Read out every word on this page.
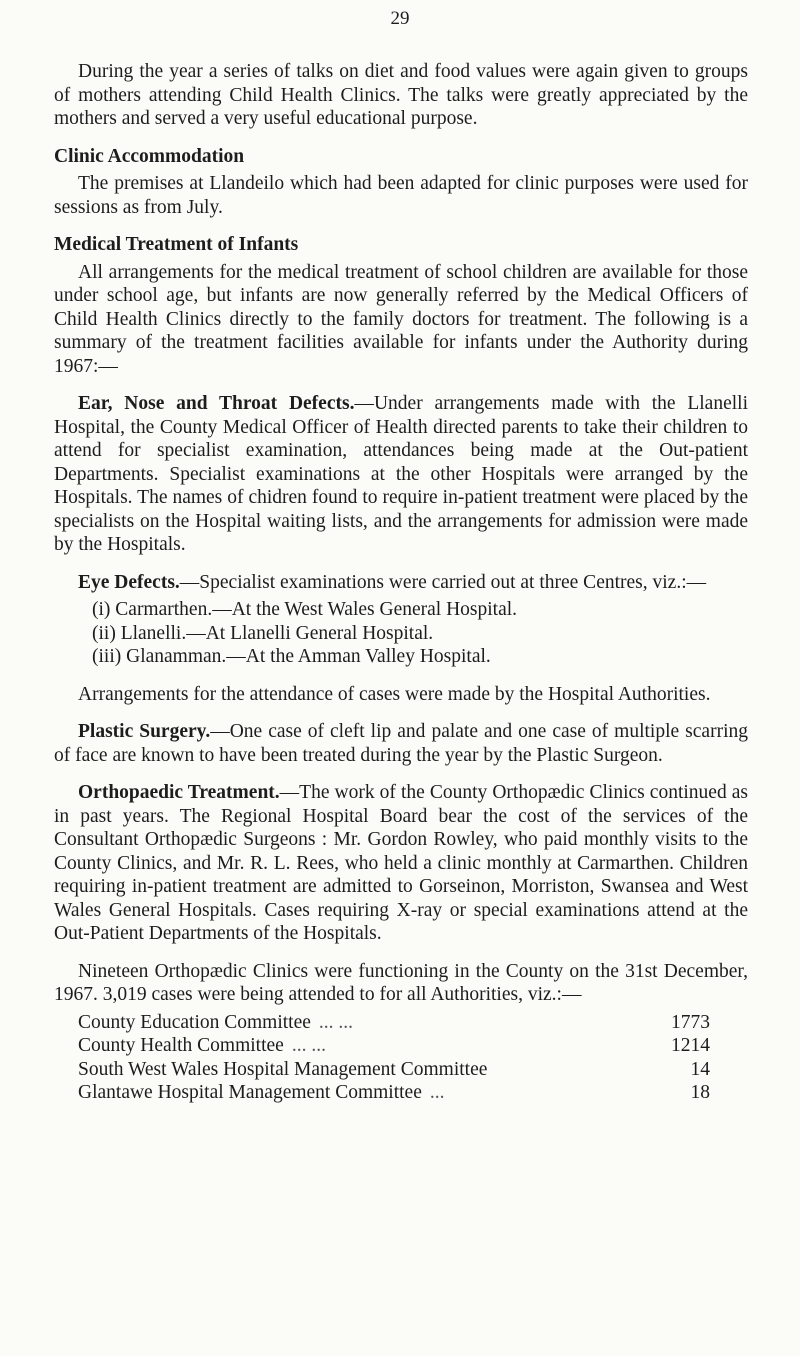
29

During the year a series of talks on diet and food values were again given to groups of mothers attending Child Health Clinics. The talks were greatly appreciated by the mothers and served a very useful educational purpose.

Clinic Accommodation

The premises at Llandeilo which had been adapted for clinic purposes were used for sessions as from July.

Medical Treatment of Infants

All arrangements for the medical treatment of school children are available for those under school age, but infants are now generally referred by the Medical Officers of Child Health Clinics directly to the family doctors for treatment. The following is a summary of the treatment facilities available for infants under the Authority during 1967:—

Ear, Nose and Throat Defects.—Under arrangements made with the Llanelli Hospital, the County Medical Officer of Health directed parents to take their children to attend for specialist examination, attendances being made at the Out-patient Departments. Specialist examinations at the other Hospitals were arranged by the Hospitals. The names of chidren found to require in-patient treatment were placed by the specialists on the Hospital waiting lists, and the arrangements for admission were made by the Hospitals.

Eye Defects.—Specialist examinations were carried out at three Centres, viz.:—

(i) Carmarthen.—At the West Wales General Hospital.
(ii) Llanelli.—At Llanelli General Hospital.
(iii) Glanamman.—At the Amman Valley Hospital.

Arrangements for the attendance of cases were made by the Hospital Authorities.

Plastic Surgery.—One case of cleft lip and palate and one case of multiple scarring of face are known to have been treated during the year by the Plastic Surgeon.

Orthopaedic Treatment.—The work of the County Orthopædic Clinics continued as in past years. The Regional Hospital Board bear the cost of the services of the Consultant Orthopædic Surgeons : Mr. Gordon Rowley, who paid monthly visits to the County Clinics, and Mr. R. L. Rees, who held a clinic monthly at Carmarthen. Children requiring in-patient treatment are admitted to Gorseinon, Morriston, Swansea and West Wales General Hospitals. Cases requiring X-ray or special examinations attend at the Out-Patient Departments of the Hospitals.

Nineteen Orthopædic Clinics were functioning in the County on the 31st December, 1967. 3,019 cases were being attended to for all Authorities, viz.:—

County Education Committee ... ...	1773
County Health Committee ... ...	1214
South West Wales Hospital Management Committee	14
Glantawe Hospital Management Committee ...	18
